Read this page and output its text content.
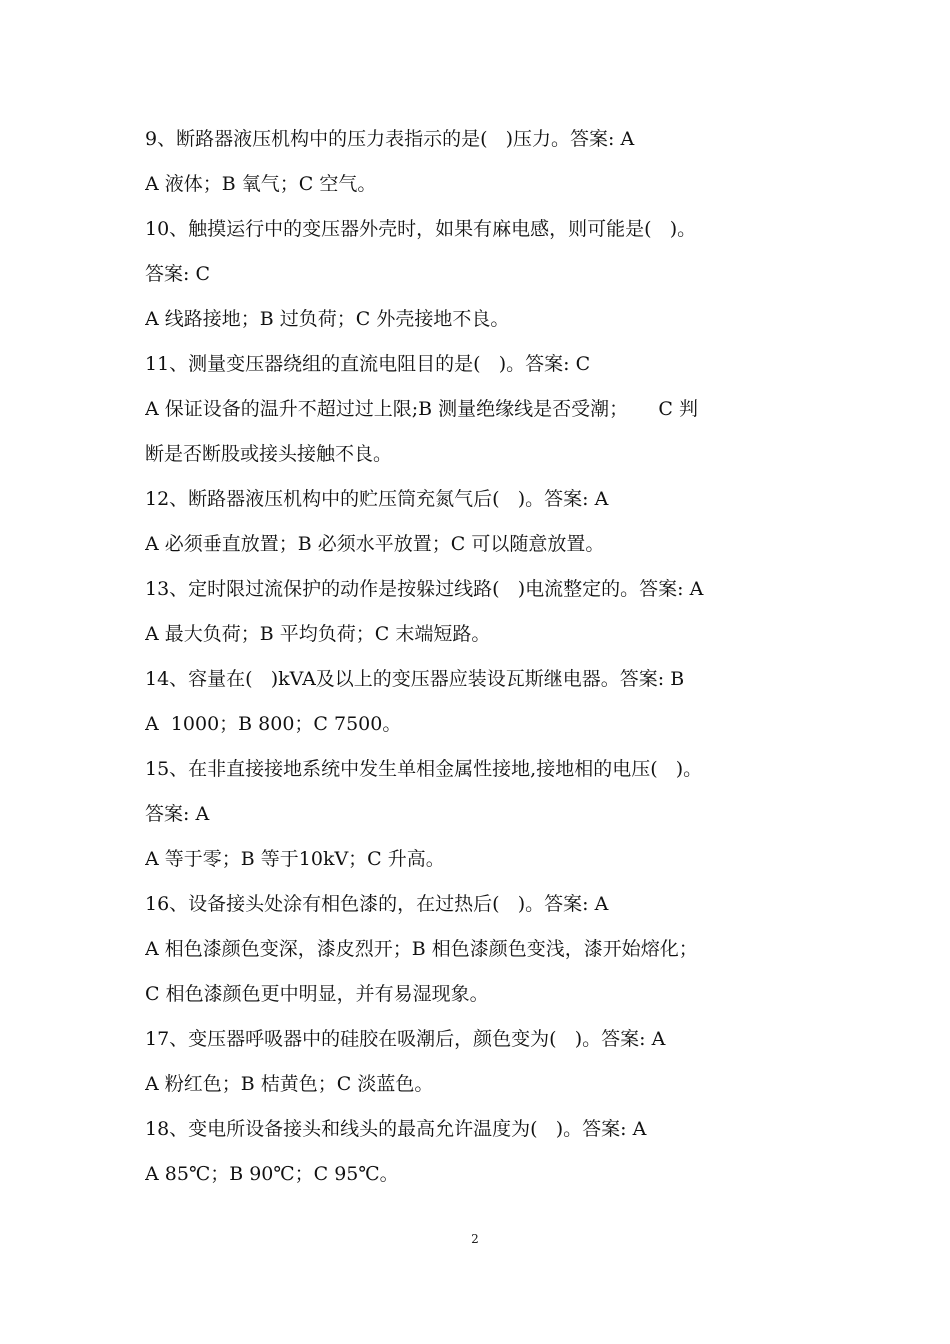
9、断路器液压机构中的压力表指示的是(   )压力。答案: A
A 液体；B 氧气；C 空气。
10、触摸运行中的变压器外壳时，如果有麻电感，则可能是(   )。
答案: C
A 线路接地；B 过负荷；C 外壳接地不良。
11、测量变压器绕组的直流电阻目的是(   )。答案: C
A 保证设备的温升不超过过上限;B 测量绝缘线是否受潮；     C 判
断是否断股或接头接触不良。
12、断路器液压机构中的贮压筒充氮气后(   )。答案: A
A 必须垂直放置；B 必须水平放置；C 可以随意放置。
13、定时限过流保护的动作是按躲过线路(   )电流整定的。答案: A
A 最大负荷；B 平均负荷；C 末端短路。
14、容量在(   )kVA及以上的变压器应装设瓦斯继电器。答案: B
A  1000；B 800；C 7500。
15、在非直接接地系统中发生单相金属性接地,接地相的电压(   )。
答案: A
A 等于零；B 等于10kV；C 升高。
16、设备接头处涂有相色漆的，在过热后(   )。答案: A
A 相色漆颜色变深，漆皮烈开；B 相色漆颜色变浅，漆开始熔化；
C 相色漆颜色更中明显，并有易湿现象。
17、变压器呼吸器中的硅胶在吸潮后，颜色变为(   )。答案: A
A 粉红色；B 桔黄色；C 淡蓝色。
18、变电所设备接头和线头的最高允许温度为(   )。答案: A
A 85℃；B 90℃；C 95℃。
2
